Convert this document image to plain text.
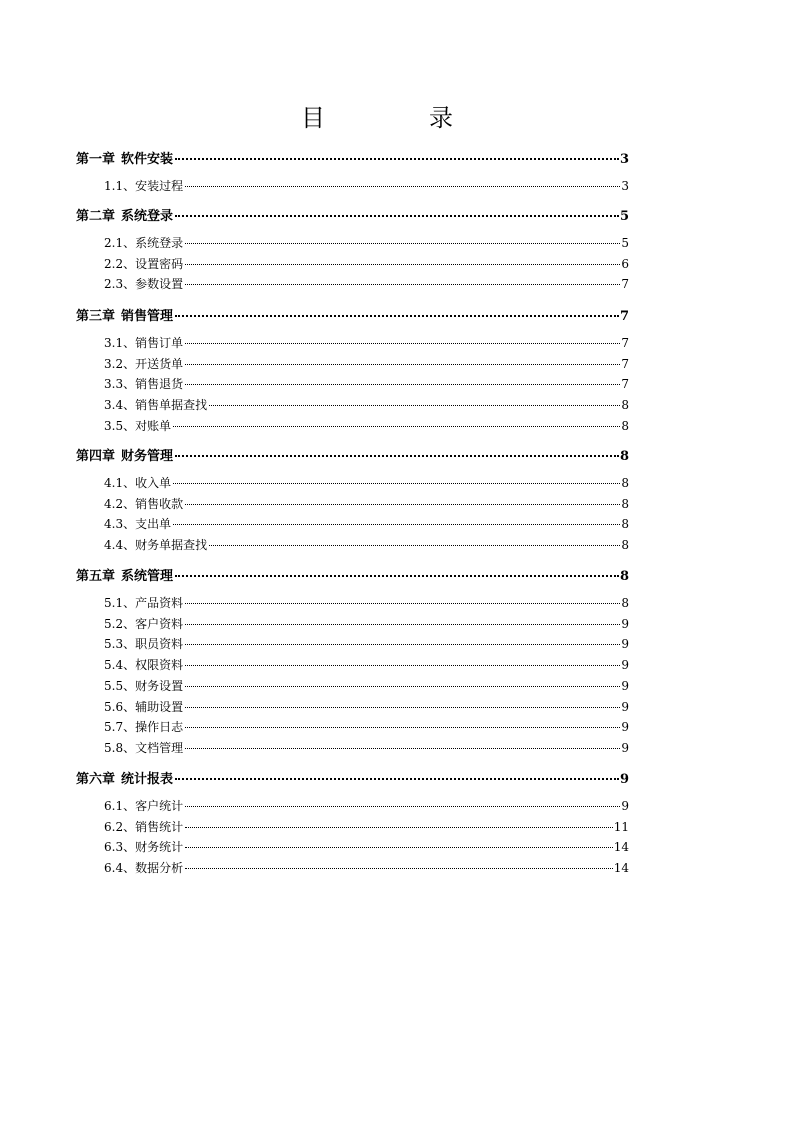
目　录
第一章 软件安装	3
1.1、安装过程	3
第二章 系统登录	5
2.1、系统登录	5
2.2、设置密码	6
2.3、参数设置	7
第三章 销售管理	7
3.1、销售订单	7
3.2、开送货单	7
3.3、销售退货	7
3.4、销售单据查找	8
3.5、对账单	8
第四章 财务管理	8
4.1、收入单	8
4.2、销售收款	8
4.3、支出单	8
4.4、财务单据查找	8
第五章 系统管理	8
5.1、产品资料	8
5.2、客户资料	9
5.3、职员资料	9
5.4、权限资料	9
5.5、财务设置	9
5.6、辅助设置	9
5.7、操作日志	9
5.8、文档管理	9
第六章 统计报表	9
6.1、客户统计	9
6.2、销售统计	11
6.3、财务统计	14
6.4、数据分析	14
